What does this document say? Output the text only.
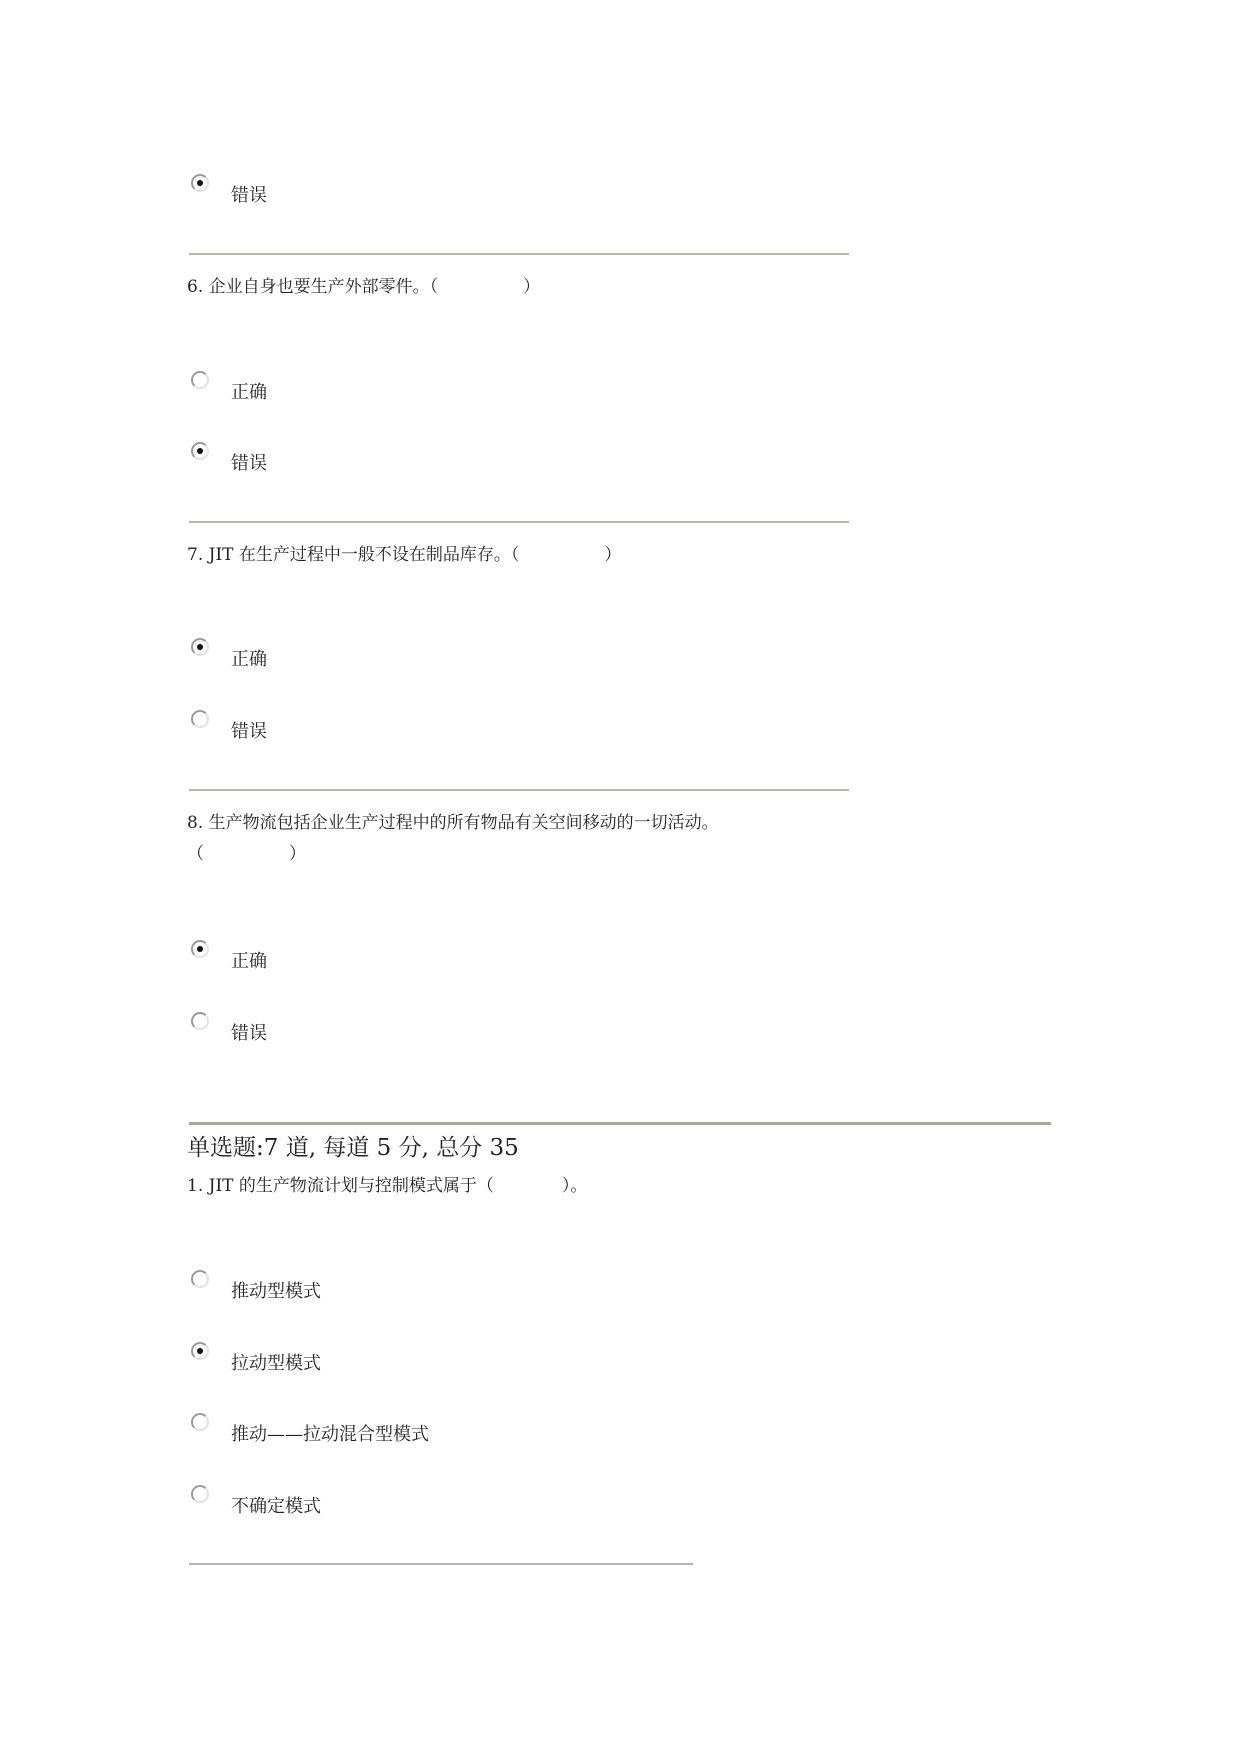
错误
6. 企业自身也要生产外部零件。（　　　　　）
正确
错误
7. JIT 在生产过程中一般不设在制品库存。（　　　　　）
正确
错误
8. 生产物流包括企业生产过程中的所有物品有关空间移动的一切活动。
（　　　　　）
正确
错误
单选题:7 道, 每道 5 分, 总分 35
1. JIT 的生产物流计划与控制模式属于（　　　　）。
推动型模式
拉动型模式
推动——拉动混合型模式
不确定模式
